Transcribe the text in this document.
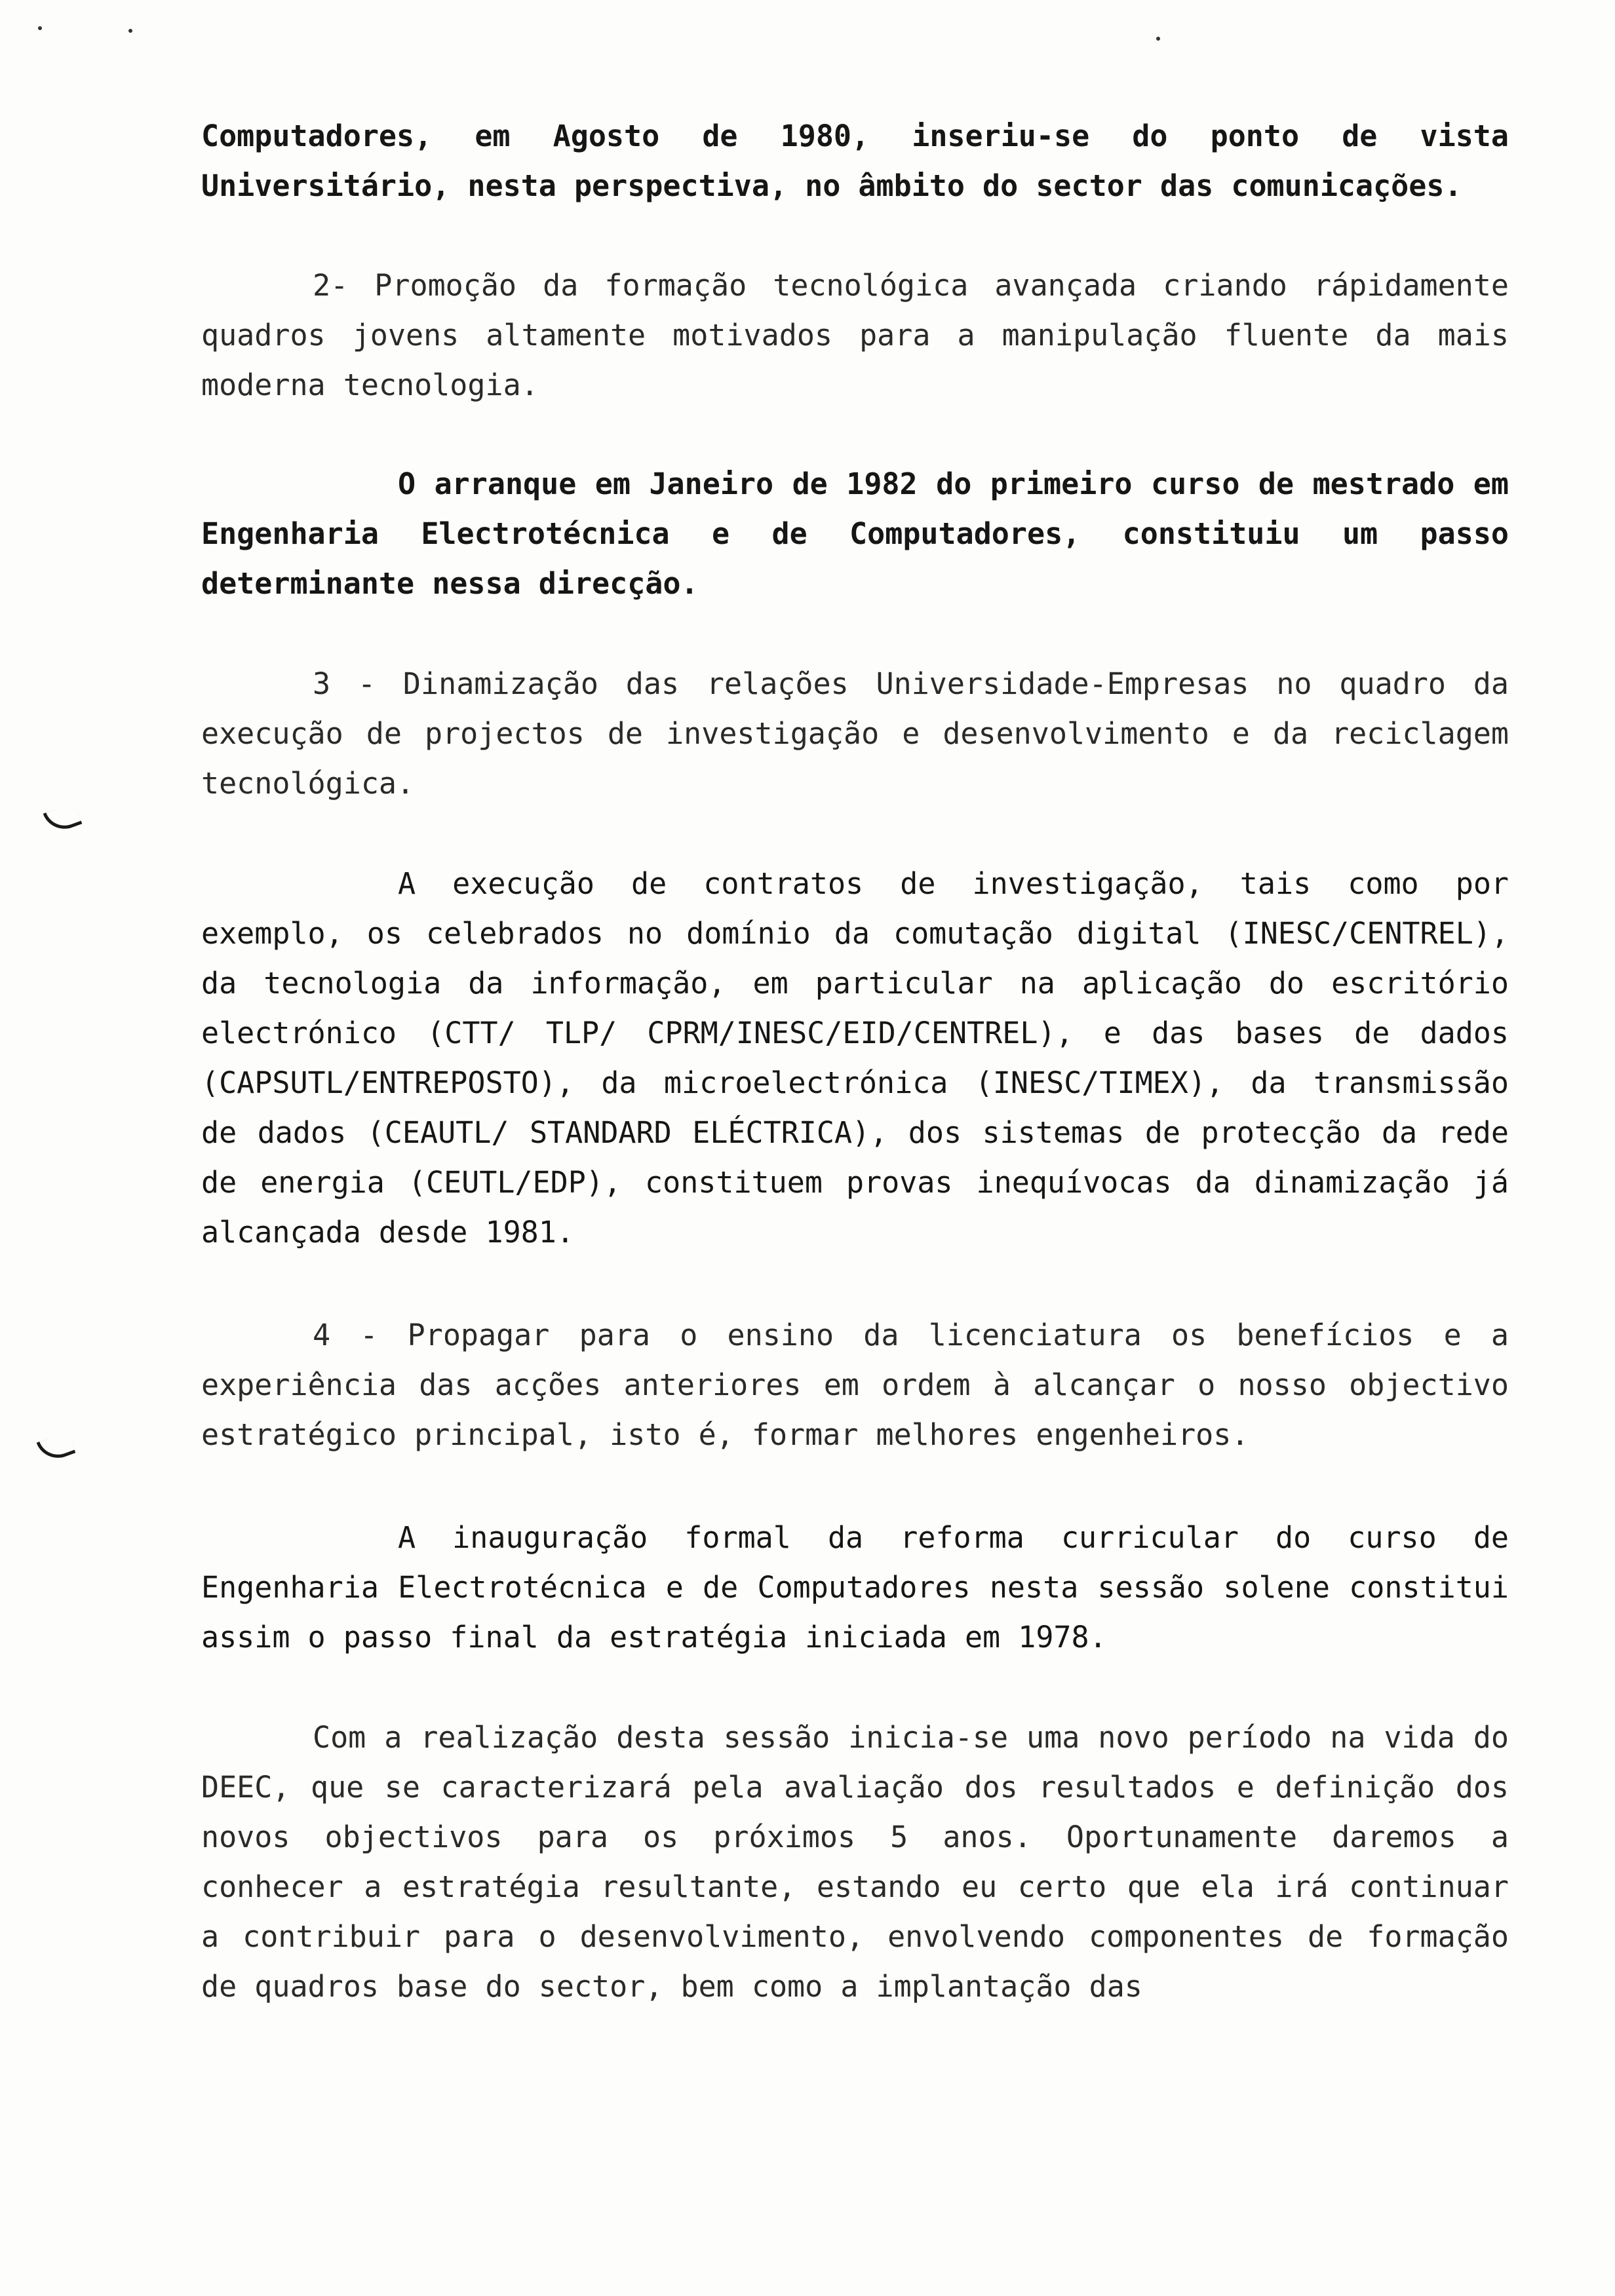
Computadores, em Agosto de 1980, inseriu-se do ponto de vista Universitário, nesta perspectiva, no âmbito do sector das comunicações.

2- Promoção da formação tecnológica avançada criando rápidamente quadros jovens altamente motivados para a manipulação fluente da mais moderna tecnologia.

O arranque em Janeiro de 1982 do primeiro curso de mestrado em Engenharia Electrotécnica e de Computadores, constituiu um passo determinante nessa direcção.

3 - Dinamização das relações Universidade-Empresas no quadro da execução de projectos de investigação e desenvolvimento e da reciclagem tecnológica.

A execução de contratos de investigação, tais como por exemplo, os celebrados no domínio da comutação digital (INESC/CENTREL), da tecnologia da informação, em particular na aplicação do escritório electrónico (CTT/ TLP/ CPRM/INESC/EID/CENTREL), e das bases de dados (CAPSUTL/ENTREPOSTO), da microelectrónica (INESC/TIMEX), da transmissão de dados (CEAUTL/ STANDARD ELÉCTRICA), dos sistemas de protecção da rede de energia (CEUTL/EDP), constituem provas inequívocas da dinamização já alcançada desde 1981.

4 - Propagar para o ensino da licenciatura os benefícios e a experiência das acções anteriores em ordem à alcançar o nosso objectivo estratégico principal, isto é, formar melhores engenheiros.

A inauguração formal da reforma curricular do curso de Engenharia Electrotécnica e de Computadores nesta sessão solene constitui assim o passo final da estratégia iniciada em 1978.

Com a realização desta sessão inicia-se uma novo período na vida do DEEC, que se caracterizará pela avaliação dos resultados e definição dos novos objectivos para os próximos 5 anos. Oportunamente daremos a conhecer a estratégia resultante, estando eu certo que ela irá continuar a contribuir para o desenvolvimento, envolvendo componentes de formação de quadros base do sector, bem como a implantação das
